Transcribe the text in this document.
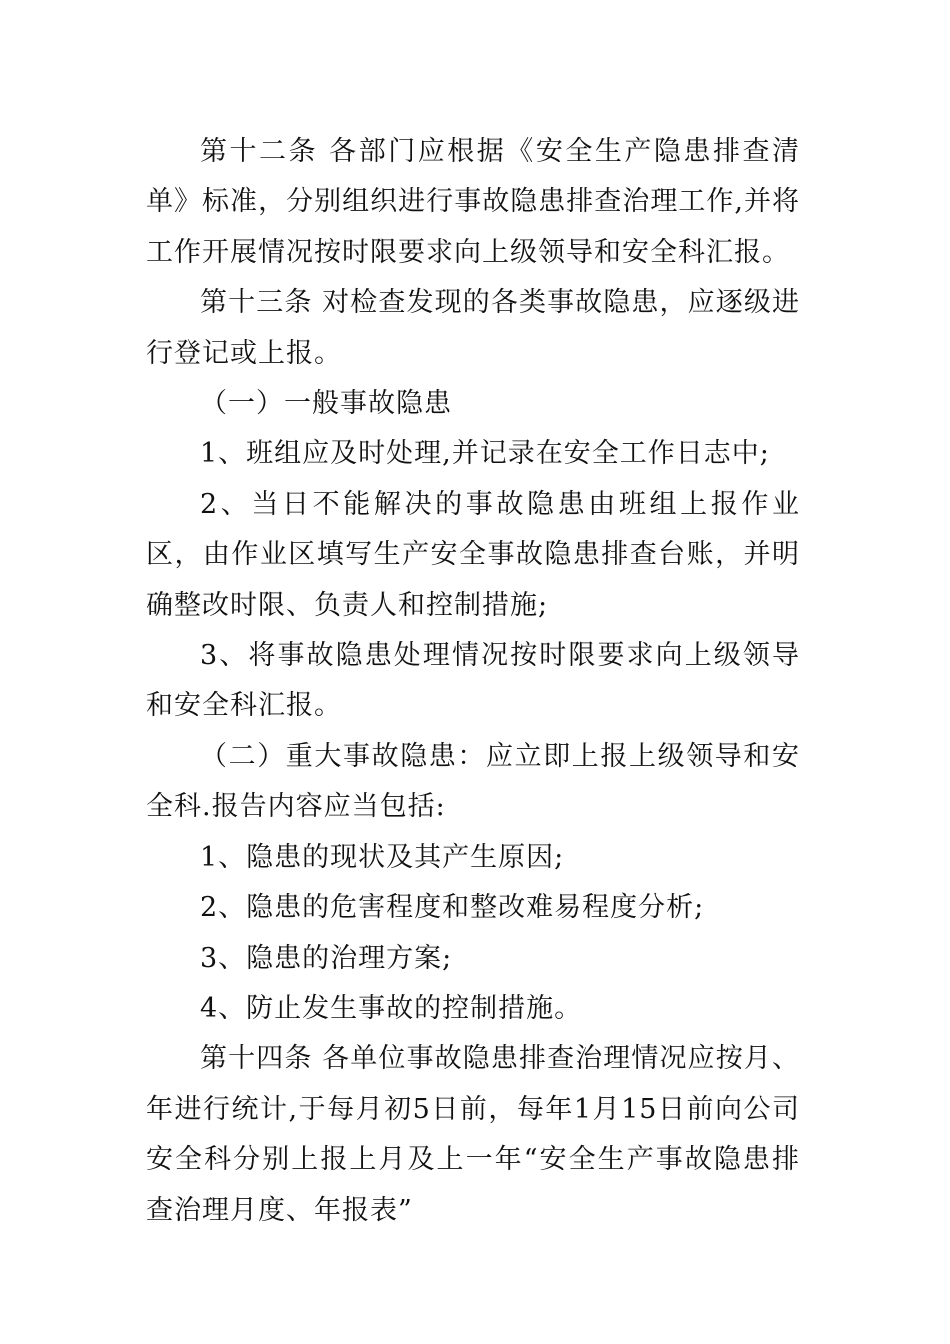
第十二条 各部门应根据《安全生产隐患排查清单》标准，分别组织进行事故隐患排查治理工作,并将工作开展情况按时限要求向上级领导和安全科汇报。

第十三条 对检查发现的各类事故隐患，应逐级进行登记或上报。

（一）一般事故隐患

1、班组应及时处理,并记录在安全工作日志中;

2、当日不能解决的事故隐患由班组上报作业区，由作业区填写生产安全事故隐患排查台账，并明确整改时限、负责人和控制措施;

3、将事故隐患处理情况按时限要求向上级领导和安全科汇报。

（二）重大事故隐患：应立即上报上级领导和安全科.报告内容应当包括:

1、隐患的现状及其产生原因;

2、隐患的危害程度和整改难易程度分析;

3、隐患的治理方案;

4、防止发生事故的控制措施。

第十四条 各单位事故隐患排查治理情况应按月、年进行统计,于每月初5日前，每年1月15日前向公司安全科分别上报上月及上一年“安全生产事故隐患排查治理月度、年报表”
